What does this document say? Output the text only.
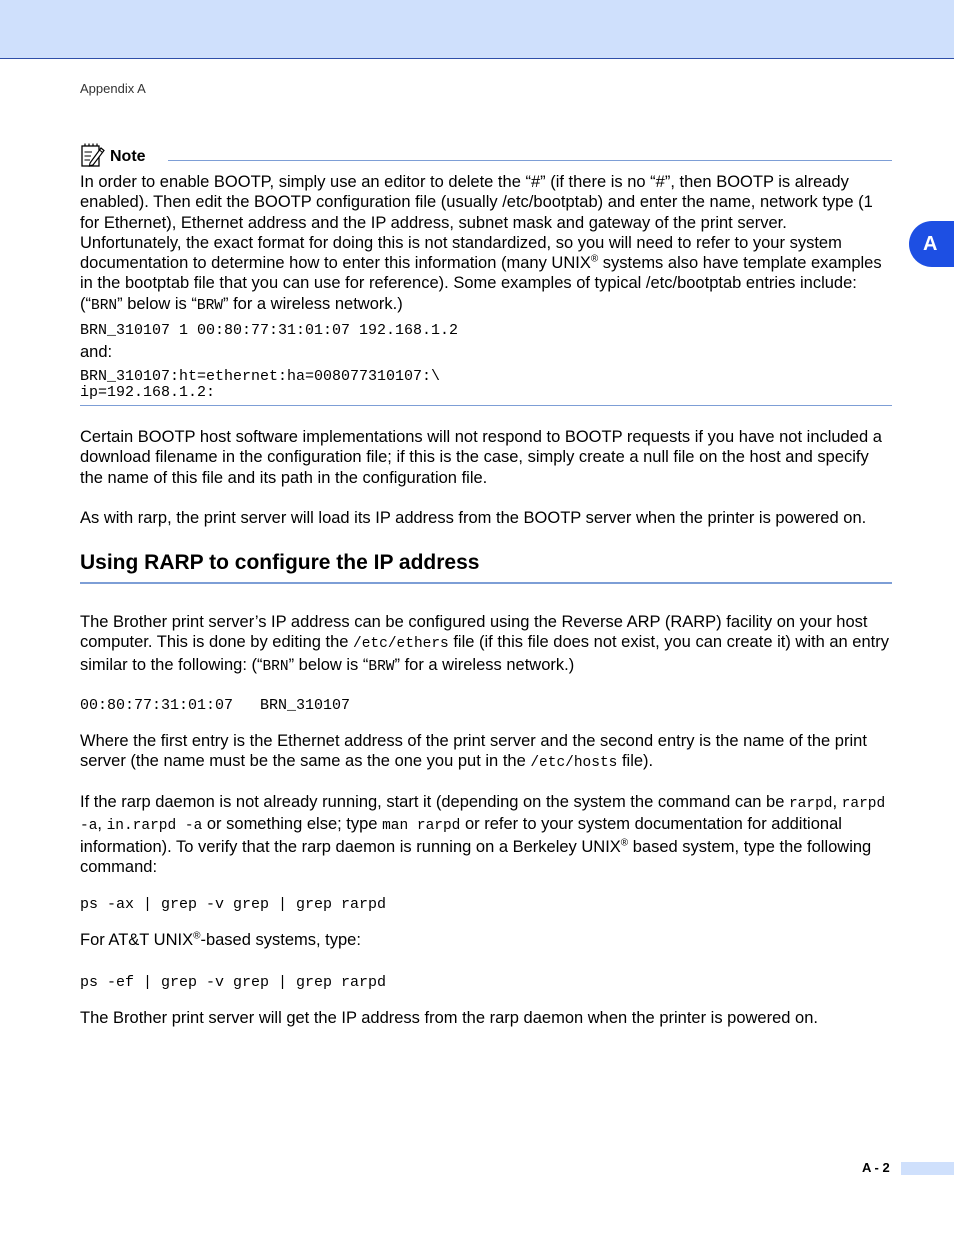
Appendix A
A
Note

In order to enable BOOTP, simply use an editor to delete the “#” (if there is no “#”, then BOOTP is already enabled). Then edit the BOOTP configuration file (usually /etc/bootptab) and enter the name, network type (1 for Ethernet), Ethernet address and the IP address, subnet mask and gateway of the print server. Unfortunately, the exact format for doing this is not standardized, so you will need to refer to your system documentation to determine how to enter this information (many UNIX® systems also have template examples in the bootptab file that you can use for reference). Some examples of typical /etc/bootptab entries include: (“BRN” below is “BRW” for a wireless network.)

BRN_310107 1 00:80:77:31:01:07 192.168.1.2

and:

BRN_310107:ht=ethernet:ha=008077310107:\

ip=192.168.1.2:

Certain BOOTP host software implementations will not respond to BOOTP requests if you have not included a download filename in the configuration file; if this is the case, simply create a null file on the host and specify the name of this file and its path in the configuration file.

As with rarp, the print server will load its IP address from the BOOTP server when the printer is powered on.

Using RARP to configure the IP address

The Brother print server’s IP address can be configured using the Reverse ARP (RARP) facility on your host computer. This is done by editing the /etc/ethers file (if this file does not exist, you can create it) with an entry similar to the following: (“BRN” below is “BRW” for a wireless network.)

00:80:77:31:01:07   BRN_310107

Where the first entry is the Ethernet address of the print server and the second entry is the name of the print server (the name must be the same as the one you put in the /etc/hosts file).

If the rarp daemon is not already running, start it (depending on the system the command can be rarpd, rarpd -a, in.rarpd -a or something else; type man rarpd or refer to your system documentation for additional information). To verify that the rarp daemon is running on a Berkeley UNIX® based system, type the following command:

ps -ax | grep -v grep | grep rarpd

For AT&T UNIX®-based systems, type:

ps -ef | grep -v grep | grep rarpd

The Brother print server will get the IP address from the rarp daemon when the printer is powered on.

A - 2
